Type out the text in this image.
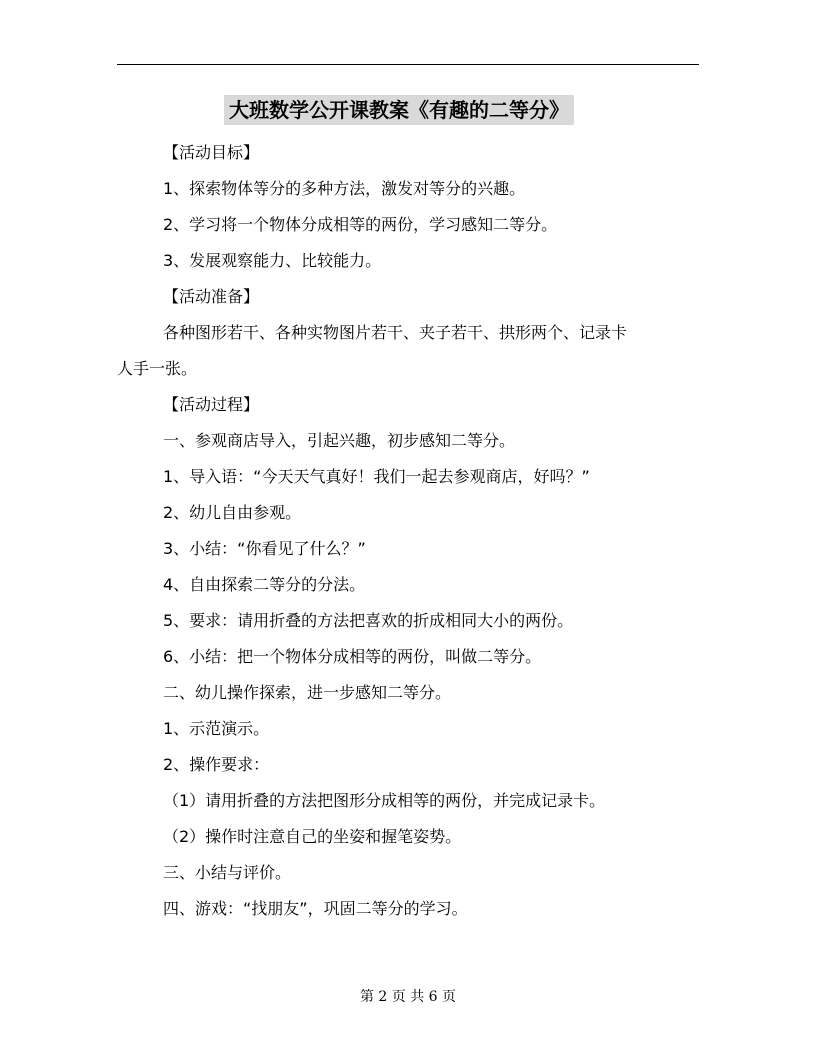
大班数学公开课教案《有趣的二等分》
【活动目标】
1、探索物体等分的多种方法，激发对等分的兴趣。
2、学习将一个物体分成相等的两份，学习感知二等分。
3、发展观察能力、比较能力。
【活动准备】
各种图形若干、各种实物图片若干、夹子若干、拱形两个、记录卡
人手一张。
【活动过程】
一、参观商店导入，引起兴趣，初步感知二等分。
1、导入语：“今天天气真好！我们一起去参观商店，好吗？”
2、幼儿自由参观。
3、小结：“你看见了什么？”
4、自由探索二等分的分法。
5、要求：请用折叠的方法把喜欢的折成相同大小的两份。
6、小结：把一个物体分成相等的两份，叫做二等分。
二、幼儿操作探索，进一步感知二等分。
1、示范演示。
2、操作要求：
（1）请用折叠的方法把图形分成相等的两份，并完成记录卡。
（2）操作时注意自己的坐姿和握笔姿势。
三、小结与评价。
四、游戏：“找朋友”，巩固二等分的学习。
第 2 页 共 6 页
